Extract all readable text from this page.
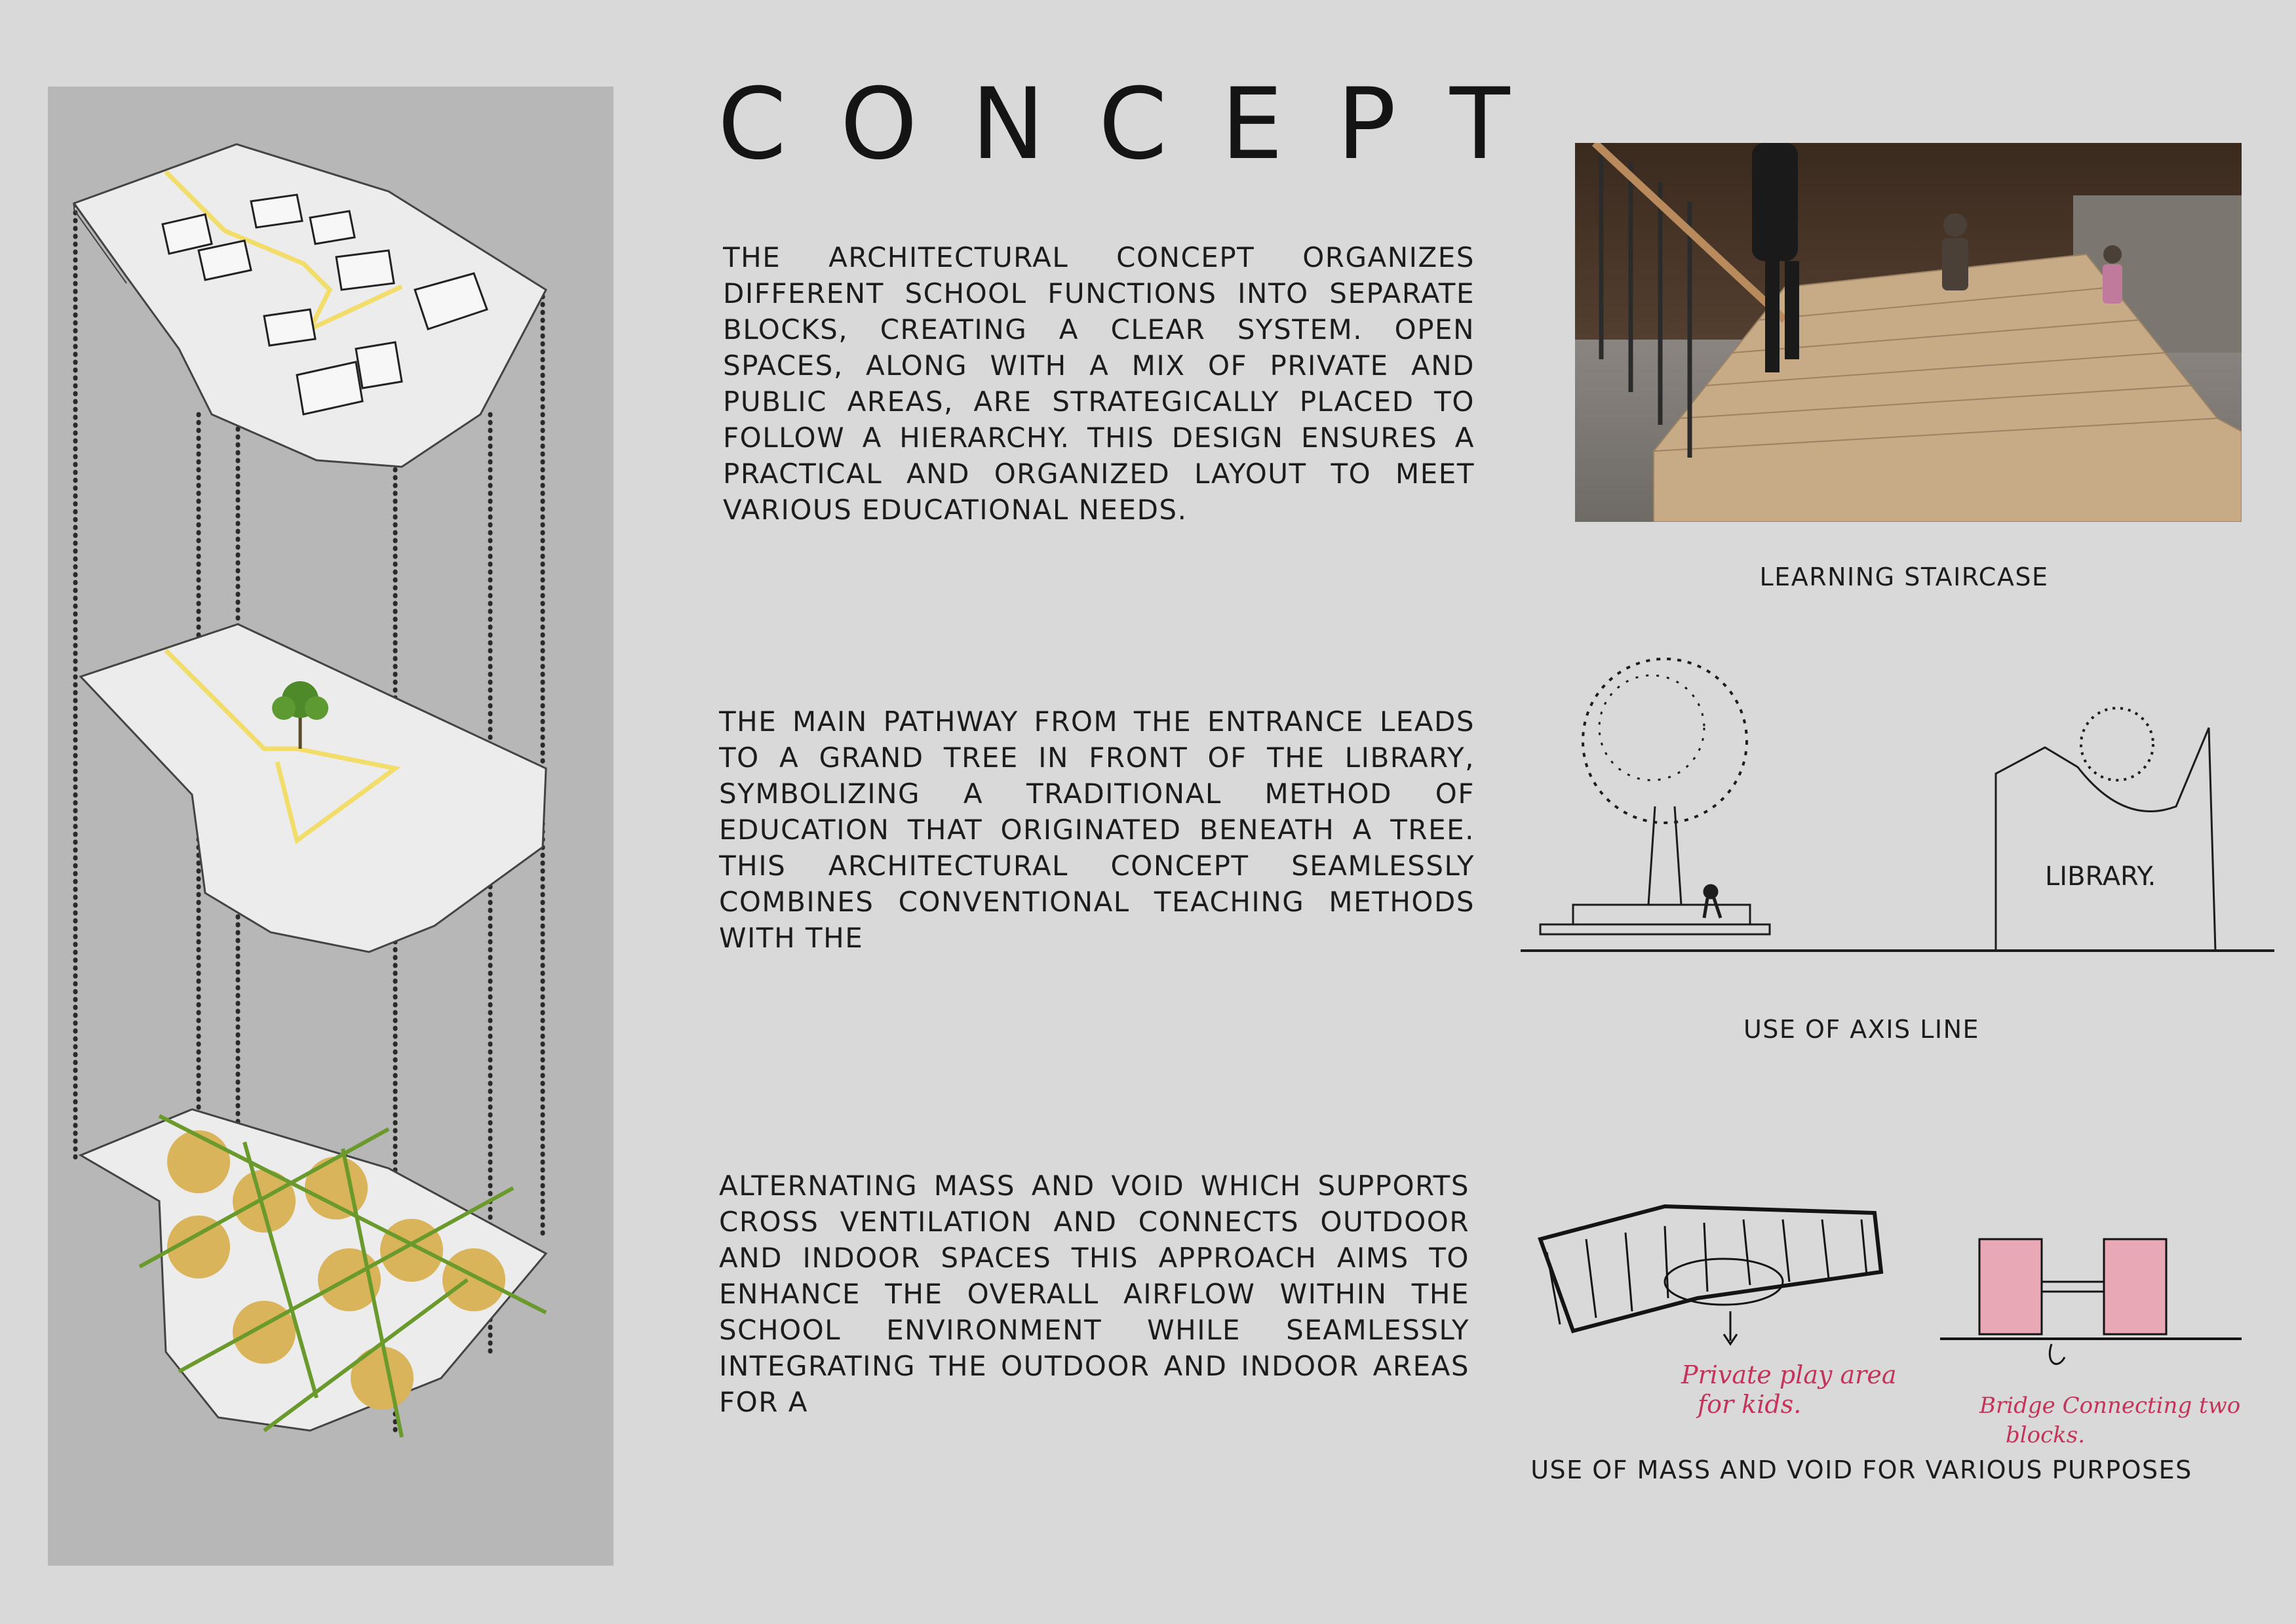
CONCEPT

THE ARCHITECTURAL CONCEPT ORGANIZES DIFFERENT SCHOOL FUNCTIONS INTO SEPARATE BLOCKS, CREATING A CLEAR SYSTEM. OPEN SPACES, ALONG WITH A MIX OF PRIVATE AND PUBLIC AREAS, ARE STRATEGICALLY PLACED TO FOLLOW A HIERARCHY. THIS DESIGN ENSURES A PRACTICAL AND ORGANIZED LAYOUT TO MEET VARIOUS EDUCATIONAL NEEDS.

THE MAIN PATHWAY FROM THE ENTRANCE LEADS TO A GRAND TREE IN FRONT OF THE LIBRARY, SYMBOLIZING A TRADITIONAL METHOD OF EDUCATION THAT ORIGINATED BENEATH A TREE. THIS ARCHITECTURAL CONCEPT SEAMLESSLY COMBINES CONVENTIONAL TEACHING METHODS WITH THE

ALTERNATING MASS AND VOID WHICH SUPPORTS CROSS VENTILATION AND CONNECTS OUTDOOR AND INDOOR SPACES THIS APPROACH AIMS TO ENHANCE THE OVERALL AIRFLOW WITHIN THE SCHOOL ENVIRONMENT WHILE SEAMLESSLY INTEGRATING THE OUTDOOR AND INDOOR AREAS FOR A

LEARNING STAIRCASE
LIBRARY.
USE OF AXIS LINE
Private play area
for kids.	Bridge Connecting two
blocks.
USE OF MASS AND VOID FOR VARIOUS PURPOSES
